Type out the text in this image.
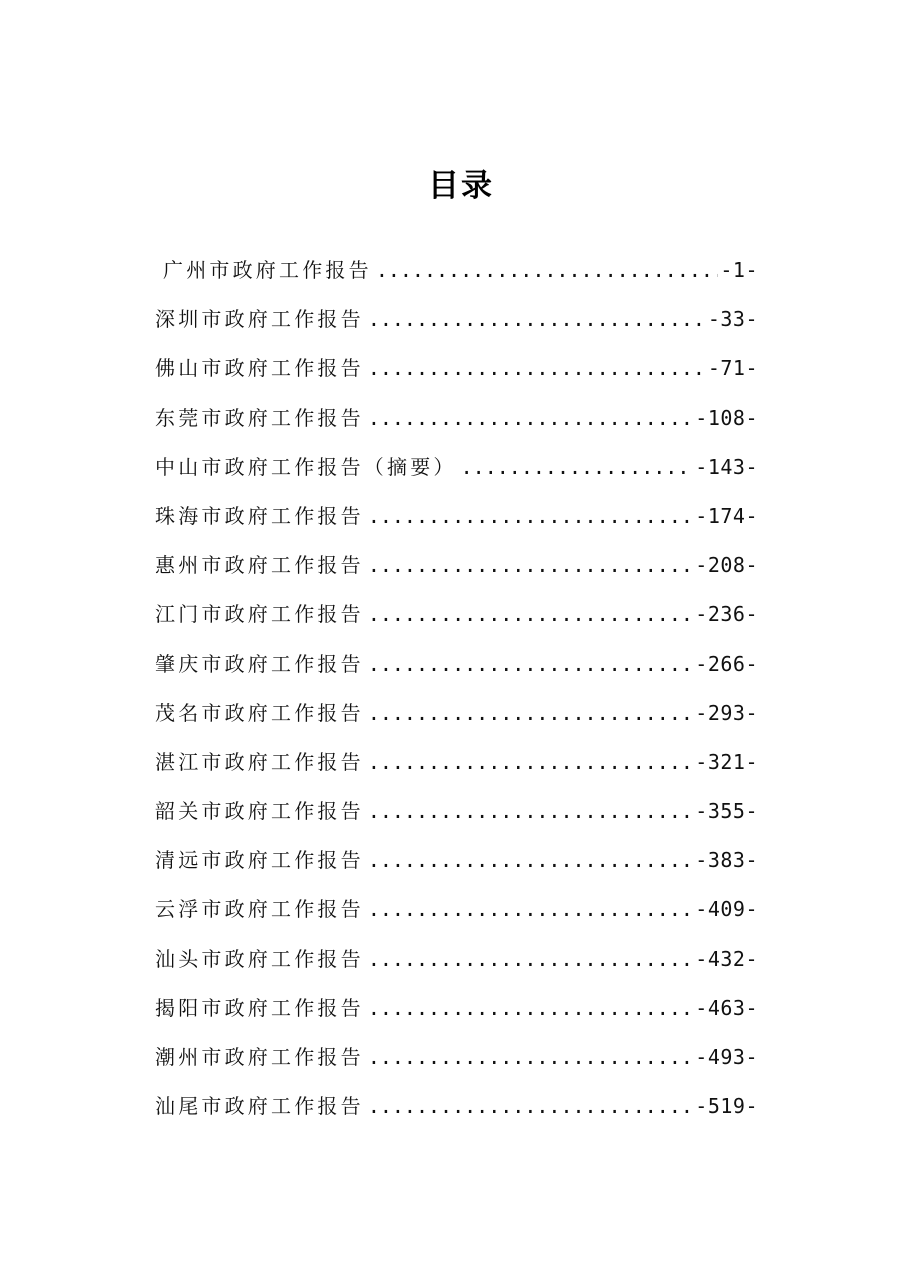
目录
广州市政府工作报告 .....	-1-
深圳市政府工作报告 .....	-33-
佛山市政府工作报告 .....	-71-
东莞市政府工作报告 .....	-108-
中山市政府工作报告（摘要） .....	-143-
珠海市政府工作报告 .....	-174-
惠州市政府工作报告 .....	-208-
江门市政府工作报告 .....	-236-
肇庆市政府工作报告 .....	-266-
茂名市政府工作报告 .....	-293-
湛江市政府工作报告 .....	-321-
韶关市政府工作报告 .....	-355-
清远市政府工作报告 .....	-383-
云浮市政府工作报告 .....	-409-
汕头市政府工作报告 .....	-432-
揭阳市政府工作报告 .....	-463-
潮州市政府工作报告 .....	-493-
汕尾市政府工作报告 .....	-519-
